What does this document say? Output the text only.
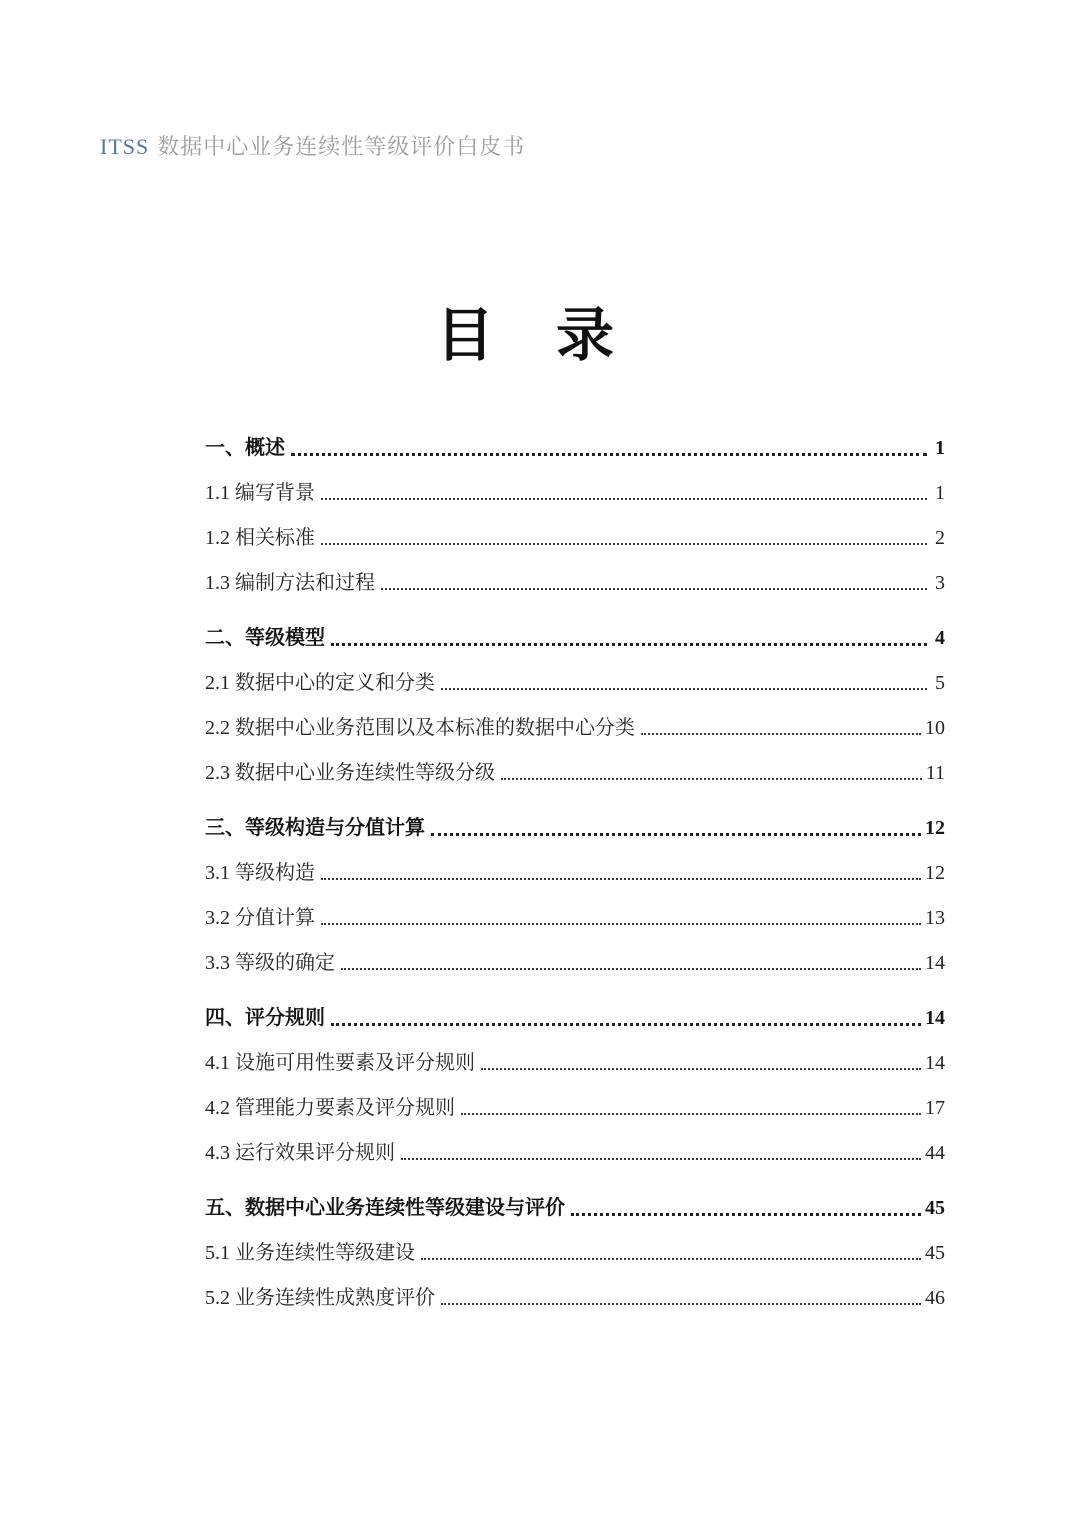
ITSS 数据中心业务连续性等级评价白皮书
目　录
一、概述	1
1.1 编写背景	1
1.2 相关标准	2
1.3 编制方法和过程	3
二、等级模型	4
2.1 数据中心的定义和分类	5
2.2 数据中心业务范围以及本标准的数据中心分类	10
2.3 数据中心业务连续性等级分级	11
三、等级构造与分值计算	12
3.1 等级构造	12
3.2 分值计算	13
3.3 等级的确定	14
四、评分规则	14
4.1 设施可用性要素及评分规则	14
4.2 管理能力要素及评分规则	17
4.3 运行效果评分规则	44
五、数据中心业务连续性等级建设与评价	45
5.1 业务连续性等级建设	45
5.2 业务连续性成熟度评价	46
